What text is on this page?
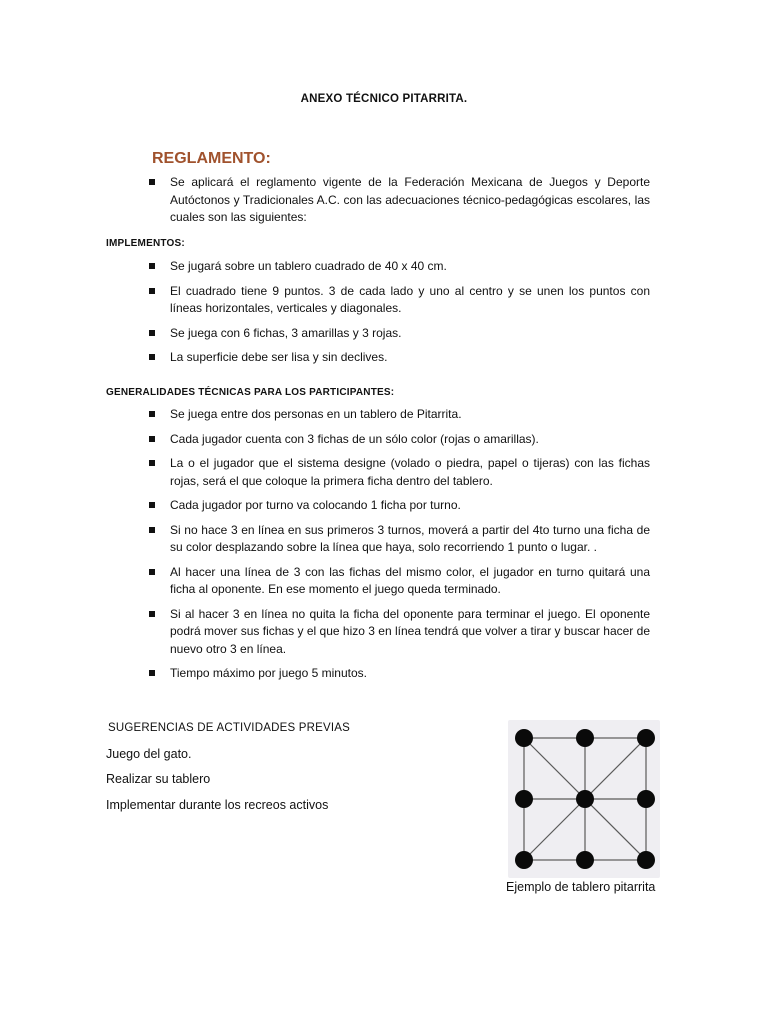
ANEXO TÉCNICO PITARRITA.
REGLAMENTO:
Se aplicará el reglamento vigente de la Federación Mexicana de Juegos y Deporte Autóctonos y Tradicionales A.C. con las adecuaciones técnico-pedagógicas escolares, las cuales son las siguientes:
IMPLEMENTOS:
Se jugará sobre un tablero cuadrado de 40 x 40 cm.
El cuadrado tiene 9 puntos. 3 de cada lado y uno al centro y se unen los puntos con líneas horizontales, verticales y diagonales.
Se juega con 6 fichas, 3 amarillas y 3 rojas.
La superficie debe ser lisa y sin declives.
GENERALIDADES TÉCNICAS PARA LOS PARTICIPANTES:
Se juega entre dos personas en un tablero de Pitarrita.
Cada jugador cuenta con 3 fichas de un sólo color (rojas o amarillas).
La o el jugador que el sistema designe (volado o piedra, papel o tijeras) con las fichas rojas, será el que coloque la primera ficha dentro del tablero.
Cada jugador por turno va colocando 1 ficha por turno.
Si no hace 3 en línea en sus primeros 3 turnos, moverá a partir del 4to turno una ficha de su color desplazando sobre la línea que haya, solo recorriendo 1 punto o lugar. .
Al hacer una línea de 3 con las fichas del mismo color, el jugador en turno quitará una ficha al oponente. En ese momento el juego queda terminado.
Si al hacer 3 en línea no quita la ficha del oponente para terminar el juego. El oponente podrá mover sus fichas y el que hizo 3 en línea tendrá que volver a tirar y buscar hacer de nuevo otro 3 en línea.
Tiempo máximo por juego 5 minutos.
SUGERENCIAS DE ACTIVIDADES PREVIAS
Juego del gato.
Realizar su tablero
Implementar durante los recreos activos
Ejemplo de tablero pitarrita
